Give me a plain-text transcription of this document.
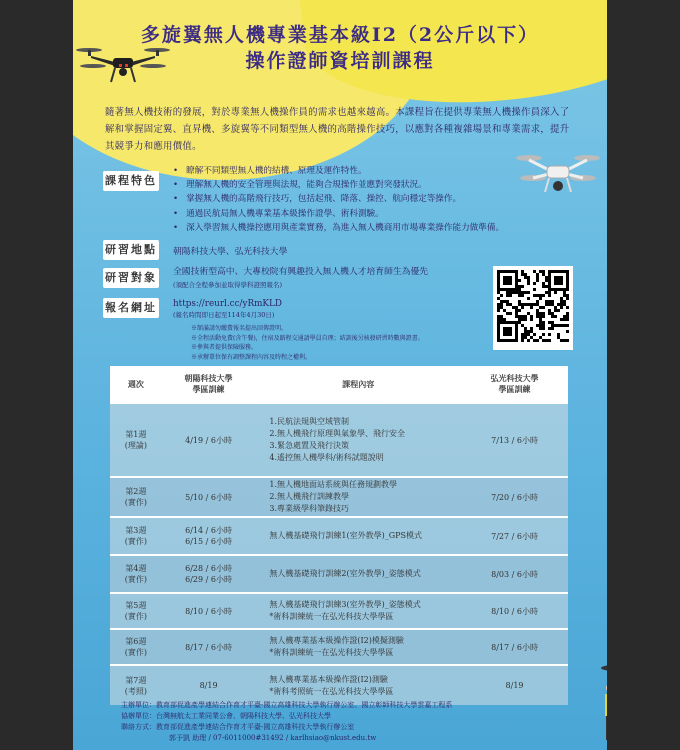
多旋翼無人機專業基本級I2（2公斤以下）
操作證師資培訓課程
隨著無人機技術的發展，對於專業無人機操作員的需求也越來越高。本課程旨在提供專業無人機操作員深入了解和掌握固定翼、直昇機、多旋翼等不同類型無人機的高階操作技巧，以應對各種複雜場景和專業需求，提升其競爭力和應用價值。
課程特色
• 瞭解不同類型無人機的結構、原理及運作特性。
• 理解無人機的安全管理與法規，能夠合規操作並應對突發狀況。
• 掌握無人機的高階飛行技巧，包括起飛、降落、操控、航向穩定等操作。
• 通過民航局無人機專業基本級操作證學、術科測驗。
• 深入學習無人機操控應用與產業實務，為進入無人機商用市場專業操作能力做準備。
研習地點 朝陽科技大學、弘光科技大學
研習對象 全國技術型高中、大專校院有興趣投入無人機人才培育師生為優先
(須配合全程參加並取得學科證照報名)
報名網址 https://reurl.cc/yRmKLD
(報名時間即日起至114年4月30日)
※額滿請勿繳費報名提出回傳證明。
※全程活動免費(含午餐)，住宿及路程交通請學員自理；結訓後另核發研習時數與證書。
※參與者提供保險服務。
※承辦單位保有調整課程內容及時程之權利。
週次	朝陽科技大學
學區訓練	課程內容	弘光科技大學
學區訓練
第1週
(理論)	4/19 / 6小時	1.民航法規與空域管制
2.無人機飛行原理與氣象學、飛行安全
3.緊急處置及飛行決策
4.遙控無人機學科/術科試題說明	7/13 / 6小時
第2週
(實作)	5/10 / 6小時	1.無人機地面站系統與任務規劃教學
2.無人機飛行訓練教學
3.專業級學科筆錄技巧	7/20 / 6小時
第3週
(實作)	6/14 / 6小時
6/15 / 6小時	無人機基礎飛行訓練1(室外教學)_GPS模式	7/27 / 6小時
第4週
(實作)	6/28 / 6小時
6/29 / 6小時	無人機基礎飛行訓練2(室外教學)_姿態模式	8/03 / 6小時
第5週
(實作)	8/10 / 6小時	無人機基礎飛行訓練3(室外教學)_姿態模式
*術科訓練統一在弘光科技大學學區	8/10 / 6小時
第6週
(實作)	8/17 / 6小時	無人機專業基本級操作證(I2)模擬測驗
*術科訓練統一在弘光科技大學學區	8/17 / 6小時
第7週
(考照)	8/19	無人機專業基本級操作證(I2)測驗
*術科考照統一在弘光科技大學學區	8/19
主辦單位：教育部促進產學連結合作育才平臺-國立高雄科技大學執行辦公室、國立彰師科技大學雲嘉工程系
協辦單位：台灣無航太工業同業公會、朝陽科技大學、弘光科技大學
聯絡方式：教育部促進產學連結合作育才平臺-國立高雄科技大學執行辦公室
郭予凱 助理 / 07-6011000#31492 / karlhsiao@nkust.edu.tw
